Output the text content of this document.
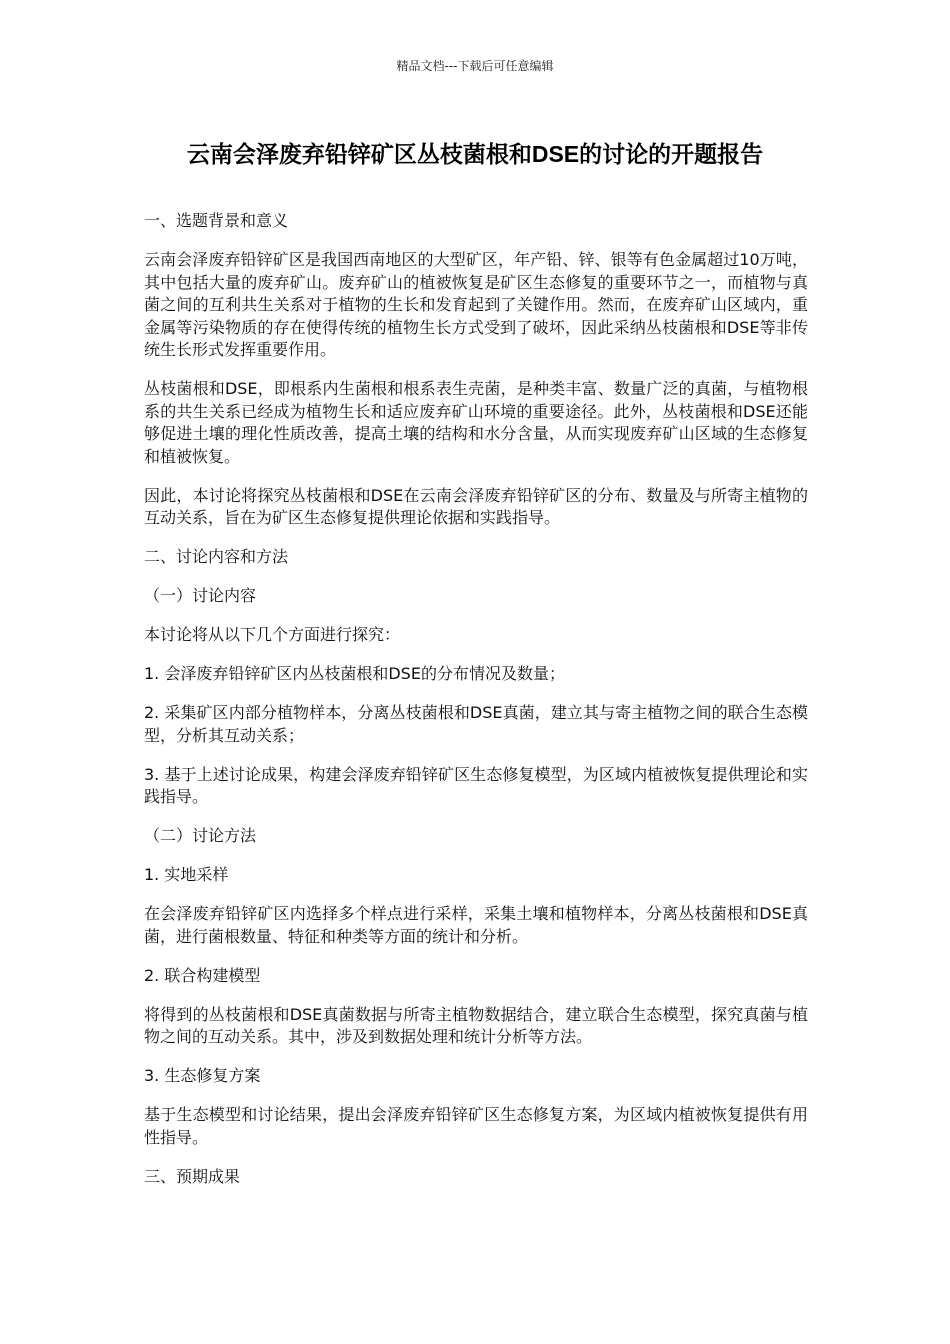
精品文档---下载后可任意编辑
云南会泽废弃铅锌矿区丛枝菌根和DSE的讨论的开题报告

一、选题背景和意义

云南会泽废弃铅锌矿区是我国西南地区的大型矿区，年产铅、锌、银等有色金属超过10万吨，其中包括大量的废弃矿山。废弃矿山的植被恢复是矿区生态修复的重要环节之一，而植物与真菌之间的互利共生关系对于植物的生长和发育起到了关键作用。然而，在废弃矿山区域内，重金属等污染物质的存在使得传统的植物生长方式受到了破坏，因此采纳丛枝菌根和DSE等非传统生长形式发挥重要作用。

丛枝菌根和DSE，即根系内生菌根和根系表生壳菌，是种类丰富、数量广泛的真菌，与植物根系的共生关系已经成为植物生长和适应废弃矿山环境的重要途径。此外，丛枝菌根和DSE还能够促进土壤的理化性质改善，提高土壤的结构和水分含量，从而实现废弃矿山区域的生态修复和植被恢复。

因此，本讨论将探究丛枝菌根和DSE在云南会泽废弃铅锌矿区的分布、数量及与所寄主植物的互动关系，旨在为矿区生态修复提供理论依据和实践指导。

二、讨论内容和方法

（一）讨论内容

本讨论将从以下几个方面进行探究：

1. 会泽废弃铅锌矿区内丛枝菌根和DSE的分布情况及数量；

2. 采集矿区内部分植物样本，分离丛枝菌根和DSE真菌，建立其与寄主植物之间的联合生态模型，分析其互动关系；

3. 基于上述讨论成果，构建会泽废弃铅锌矿区生态修复模型，为区域内植被恢复提供理论和实践指导。

（二）讨论方法

1. 实地采样

在会泽废弃铅锌矿区内选择多个样点进行采样，采集土壤和植物样本，分离丛枝菌根和DSE真菌，进行菌根数量、特征和种类等方面的统计和分析。

2. 联合构建模型

将得到的丛枝菌根和DSE真菌数据与所寄主植物数据结合，建立联合生态模型，探究真菌与植物之间的互动关系。其中，涉及到数据处理和统计分析等方法。

3. 生态修复方案

基于生态模型和讨论结果，提出会泽废弃铅锌矿区生态修复方案，为区域内植被恢复提供有用性指导。

三、预期成果
